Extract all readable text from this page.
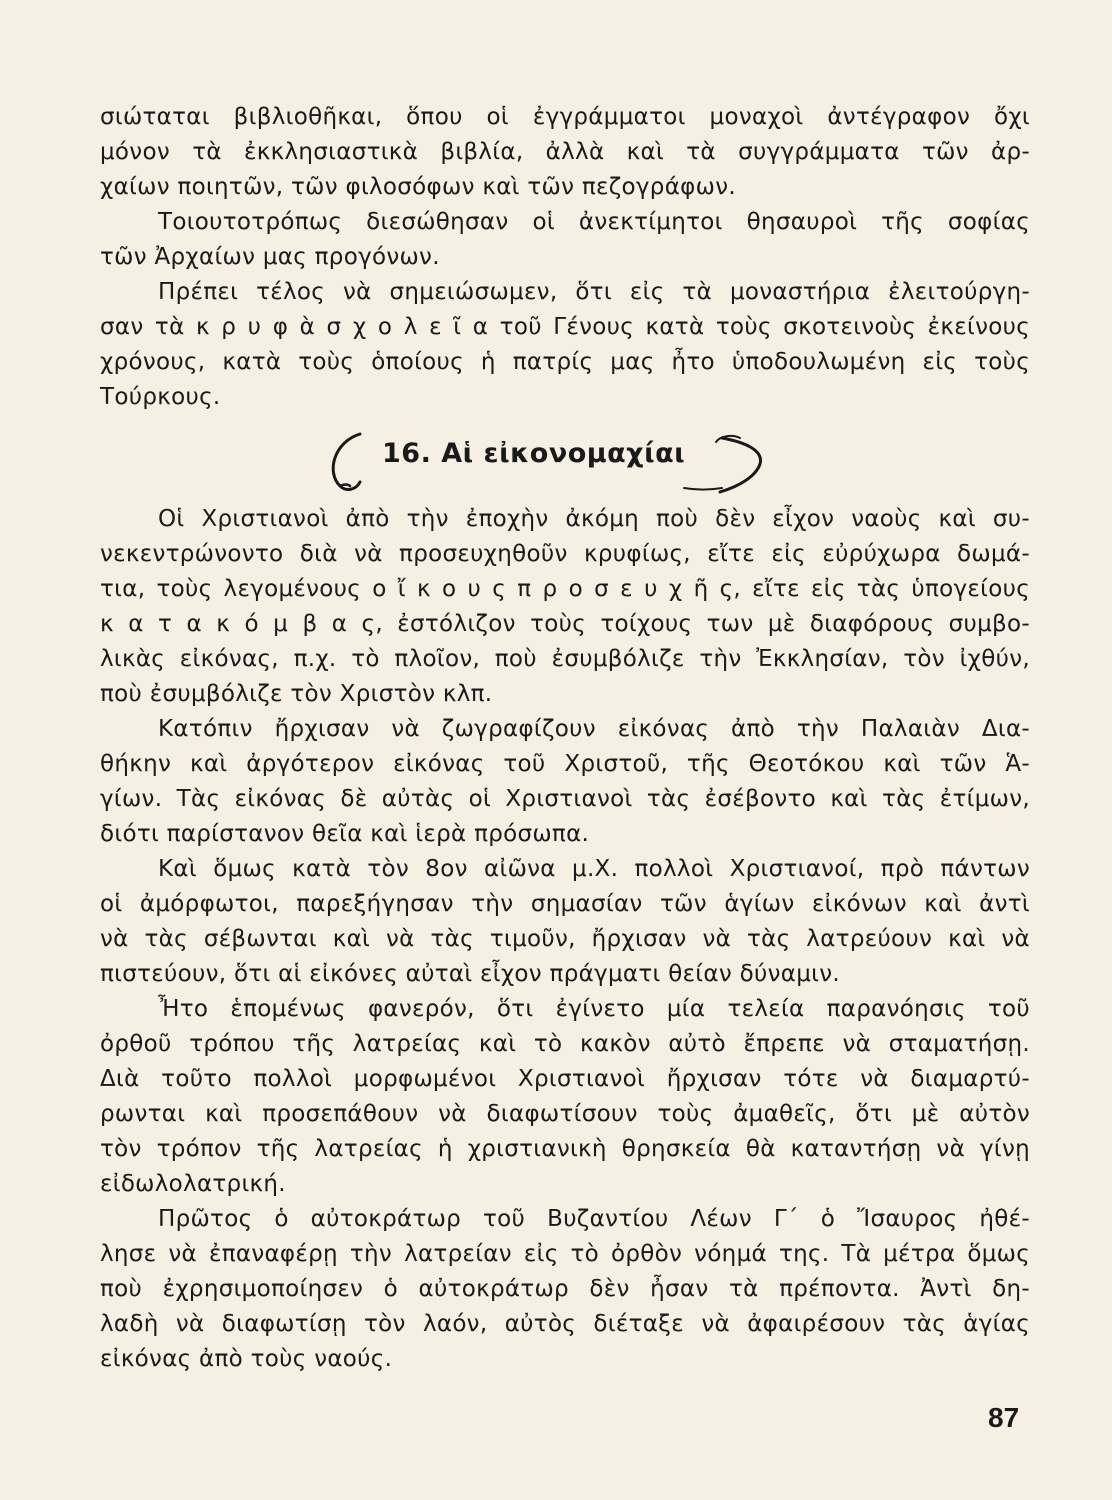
σιώταται βιβλιοθῆκαι, ὅπου οἱ ἐγγράμματοι μοναχοὶ ἀντέγραφον ὄχι
μόνον τὰ ἐκκλησιαστικὰ βιβλία, ἀλλὰ καὶ τὰ συγγράμματα τῶν ἀρ-
χαίων ποιητῶν, τῶν φιλοσόφων καὶ τῶν πεζογράφων.
Τοιουτοτρόπως διεσώθησαν οἱ ἀνεκτίμητοι θησαυροὶ τῆς σοφίας
τῶν Ἀρχαίων μας προγόνων.
Πρέπει τέλος νὰ σημειώσωμεν, ὅτι εἰς τὰ μοναστήρια ἐλειτούργη-
σαν τὰ κ ρ υ φ ὰ σ χ ο λ ε ῖ α τοῦ Γένους κατὰ τοὺς σκοτεινοὺς ἐκείνους
χρόνους, κατὰ τοὺς ὁποίους ἡ πατρίς μας ἦτο ὑποδουλωμένη εἰς τοὺς
Τούρκους.
16. Αἱ εἰκονομαχίαι
Οἱ Χριστιανοὶ ἀπὸ τὴν ἐποχὴν ἀκόμη ποὺ δὲν εἶχον ναοὺς καὶ συ-
νεκεντρώνοντο διὰ νὰ προσευχηθοῦν κρυφίως, εἴτε εἰς εὐρύχωρα δωμά-
τια, τοὺς λεγομένους ο ἴ κ ο υ ς π ρ ο σ ε υ χ ῆ ς, εἴτε εἰς τὰς ὑπογείους
κ α τ α κ ό μ β α ς, ἐστόλιζον τοὺς τοίχους των μὲ διαφόρους συμβο-
λικὰς εἰκόνας, π.χ. τὸ πλοῖον, ποὺ ἐσυμβόλιζε τὴν Ἐκκλησίαν, τὸν ἰχθύν,
ποὺ ἐσυμβόλιζε τὸν Χριστὸν κλπ.
Κατόπιν ἤρχισαν νὰ ζωγραφίζουν εἰκόνας ἀπὸ τὴν Παλαιὰν Δια-
θήκην καὶ ἀργότερον εἰκόνας τοῦ Χριστοῦ, τῆς Θεοτόκου καὶ τῶν Ἁ-
γίων. Τὰς εἰκόνας δὲ αὐτὰς οἱ Χριστιανοὶ τὰς ἐσέβοντο καὶ τὰς ἐτίμων,
διότι παρίστανον θεῖα καὶ ἱερὰ πρόσωπα.
Καὶ ὅμως κατὰ τὸν 8ον αἰῶνα μ.Χ. πολλοὶ Χριστιανοί, πρὸ πάντων
οἱ ἀμόρφωτοι, παρεξήγησαν τὴν σημασίαν τῶν ἁγίων εἰκόνων καὶ ἀντὶ
νὰ τὰς σέβωνται καὶ νὰ τὰς τιμοῦν, ἤρχισαν νὰ τὰς λατρεύουν καὶ νὰ
πιστεύουν, ὅτι αἱ εἰκόνες αὐταὶ εἶχον πράγματι θείαν δύναμιν.
Ἦτο ἑπομένως φανερόν, ὅτι ἐγίνετο μία τελεία παρανόησις τοῦ
ὀρθοῦ τρόπου τῆς λατρείας καὶ τὸ κακὸν αὐτὸ ἔπρεπε νὰ σταματήσῃ.
Διὰ τοῦτο πολλοὶ μορφωμένοι Χριστιανοὶ ἤρχισαν τότε νὰ διαμαρτύ-
ρωνται καὶ προσεπάθουν νὰ διαφωτίσουν τοὺς ἀμαθεῖς, ὅτι μὲ αὐτὸν
τὸν τρόπον τῆς λατρείας ἡ χριστιανικὴ θρησκεία θὰ καταντήσῃ νὰ γίνῃ
εἰδωλολατρική.
Πρῶτος ὁ αὐτοκράτωρ τοῦ Βυζαντίου Λέων Γ΄ ὁ Ἴσαυρος ἠθέ-
λησε νὰ ἐπαναφέρῃ τὴν λατρείαν εἰς τὸ ὀρθὸν νόημά της. Τὰ μέτρα ὅμως
ποὺ ἐχρησιμοποίησεν ὁ αὐτοκράτωρ δὲν ἦσαν τὰ πρέποντα. Ἀντὶ δη-
λαδὴ νὰ διαφωτίσῃ τὸν λαόν, αὐτὸς διέταξε νὰ ἀφαιρέσουν τὰς ἁγίας
εἰκόνας ἀπὸ τοὺς ναούς.
87
